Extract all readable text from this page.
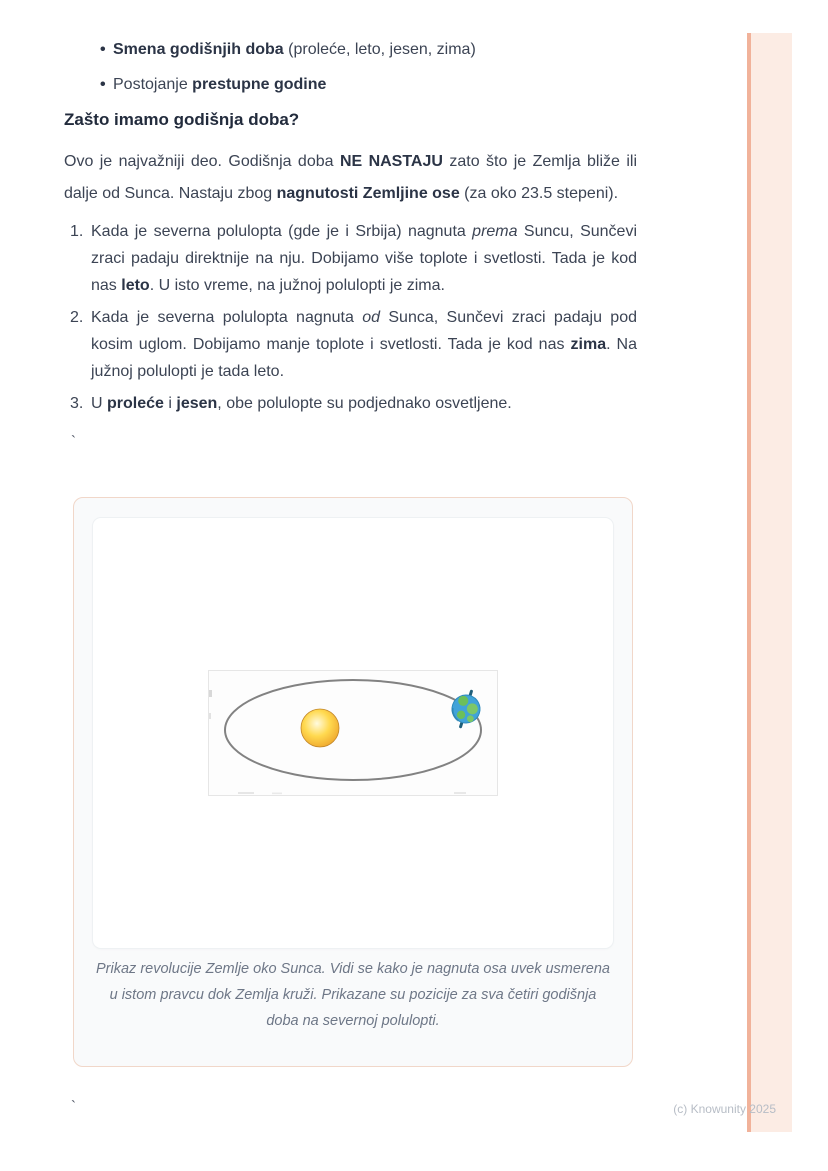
• Smena godišnjih doba (proleće, leto, jesen, zima)
• Postojanje prestupne godine
Zašto imamo godišnja doba?

Ovo je najvažniji deo. Godišnja doba NE NASTAJU zato što je Zemlja bliže ili dalje od Sunca. Nastaju zbog nagnutosti Zemljine ose (za oko 23.5 stepeni).

1. Kada je severna polulopta (gde je i Srbija) nagnuta prema Suncu, Sunčevi zraci padaju direktnije na nju. Dobijamo više toplote i svetlosti. Tada je kod nas leto. U isto vreme, na južnoj polulopti je zima.
2. Kada je severna polulopta nagnuta od Sunca, Sunčevi zraci padaju pod kosim uglom. Dobijamo manje toplote i svetlosti. Tada je kod nas zima. Na južnoj polulopti je tada leto.
3. U proleće i jesen, obe polulopte su podjednako osvetljene.
`
Prikaz revolucije Zemlje oko Sunca. Vidi se kako je nagnuta osa uvek usmerena u istom pravcu dok Zemlja kruži. Prikazane su pozicije za sva četiri godišnja doba na severnoj polulopti.
`	(c) Knowunity 2025
